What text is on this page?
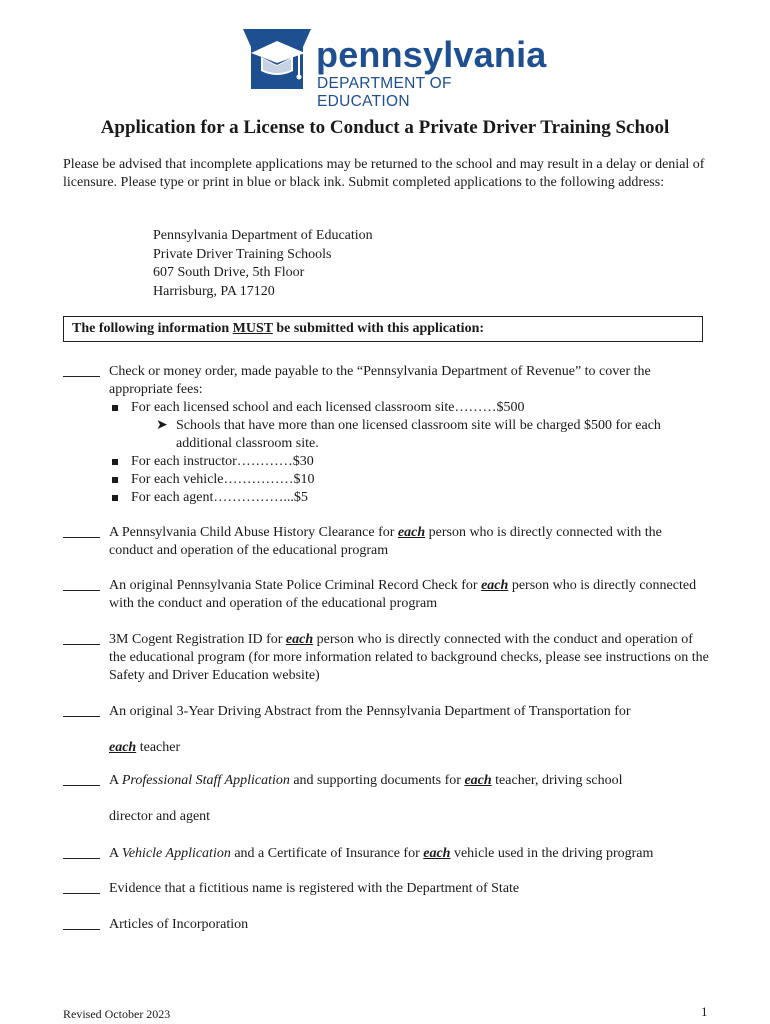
pennsylvania
DEPARTMENT OF EDUCATION
Application for a License to Conduct a Private Driver Training School

Please be advised that incomplete applications may be returned to the school and may result in a delay or denial of licensure. Please type or print in blue or black ink. Submit completed applications to the following address:

Pennsylvania Department of Education
Private Driver Training Schools
607 South Drive, 5th Floor
Harrisburg, PA 17120
The following information MUST be submitted with this application:
Check or money order, made payable to the “Pennsylvania Department of Revenue” to cover the appropriate fees:
For each licensed school and each licensed classroom site………$500
➤ Schools that have more than one licensed classroom site will be charged $500 for each additional classroom site.
For each instructor…………$30
For each vehicle……………$10
For each agent……………...$5
A Pennsylvania Child Abuse History Clearance for each person who is directly connected with the conduct and operation of the educational program
An original Pennsylvania State Police Criminal Record Check for each person who is directly connected with the conduct and operation of the educational program
3M Cogent Registration ID for each person who is directly connected with the conduct and operation of the educational program (for more information related to background checks, please see instructions on the Safety and Driver Education website)
An original 3-Year Driving Abstract from the Pennsylvania Department of Transportation for
each teacher
A Professional Staff Application and supporting documents for each teacher, driving school
director and agent
A Vehicle Application and a Certificate of Insurance for each vehicle used in the driving program
Evidence that a fictitious name is registered with the Department of State
Articles of Incorporation
Revised October 2023	1
